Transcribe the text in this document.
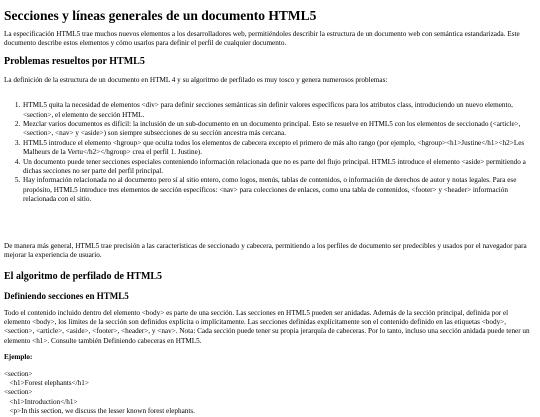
Secciones y líneas generales de un documento HTML5

La especificación HTML5 trae muchos nuevos elementos a los desarrolladores web, permitiéndoles describir la estructura de un documento web con semántica estandarizada. Este documento describe estos elementos y cómo usarlos para definir el perfil de cualquier documento.

Problemas resueltos por HTML5

La definición de la estructura de un documento en HTML 4 y su algoritmo de perfilado es muy tosco y genera numerosos problemas:

1. HTML5 quita la necesidad de elementos <div> para definir secciones semánticas sin definir valores específicos para los atributos class, introduciendo un nuevo elemento, <section>, el elemento de sección HTML.
2. Mezclar varios documentos es difícil: la inclusión de un sub-documento en un documento principal. Esto se resuelve en HTML5 con los elementos de seccionado (<article>, <section>, <nav> y <aside>) son siempre subsecciones de su sección ancestra más cercana.
3. HTML5 introduce el elemento <hgroup> que oculta todos los elementos de cabecera excepto el primero de más alto rango (por ejemplo, <hgroup><h1>Justine</h1><h2>Les Malheurs de la Vertu</h2></hgroup> crea el perfil 1. Justine).
4. Un documento puede tener secciones especiales conteniendo información relacionada que no es parte del flujo principal. HTML5 introduce el elemento <aside> permitiendo a dichas secciones no ser parte del perfil principal.
5. Hay información relacionada no al documento pero sí al sitio entero, como logos, menús, tablas de contenidos, o información de derechos de autor y notas legales. Para ese propósito, HTML5 introduce tres elementos de sección específicos: <nav> para colecciones de enlaces, como una tabla de contenidos, <footer> y <header> información relacionada con el sitio.

De manera más general, HTML5 trae precisión a las características de seccionado y cabecera, permitiendo a los perfiles de documento ser predecibles y usados por el navegador para mejorar la experiencia de usuario.

El algoritmo de perfilado de HTML5
Definiendo secciones en HTML5

Todo el contenido incluido dentro del elemento <body> es parte de una sección. Las secciones en HTML5 pueden ser anidadas. Además de la sección principal, definida por el elemento <body>, los límites de la sección son definidos explícita o implícitamente. Las secciones definidas explícitamente son el contenido definido en las etiquetas <body>, <section>, <article>, <aside>, <footer>, <header>, y <nav>. Nota: Cada sección puede tener su propia jerarquía de cabeceras. Por lo tanto, incluso una sección anidada puede tener un elemento <h1>. Consulte también Definiendo cabeceras en HTML5.

Ejemplo:

<section>
<h1>Forest elephants</h1>
<section>
<h1>Introduction</h1>
<p>In this section, we discuss the lesser known forest elephants.
